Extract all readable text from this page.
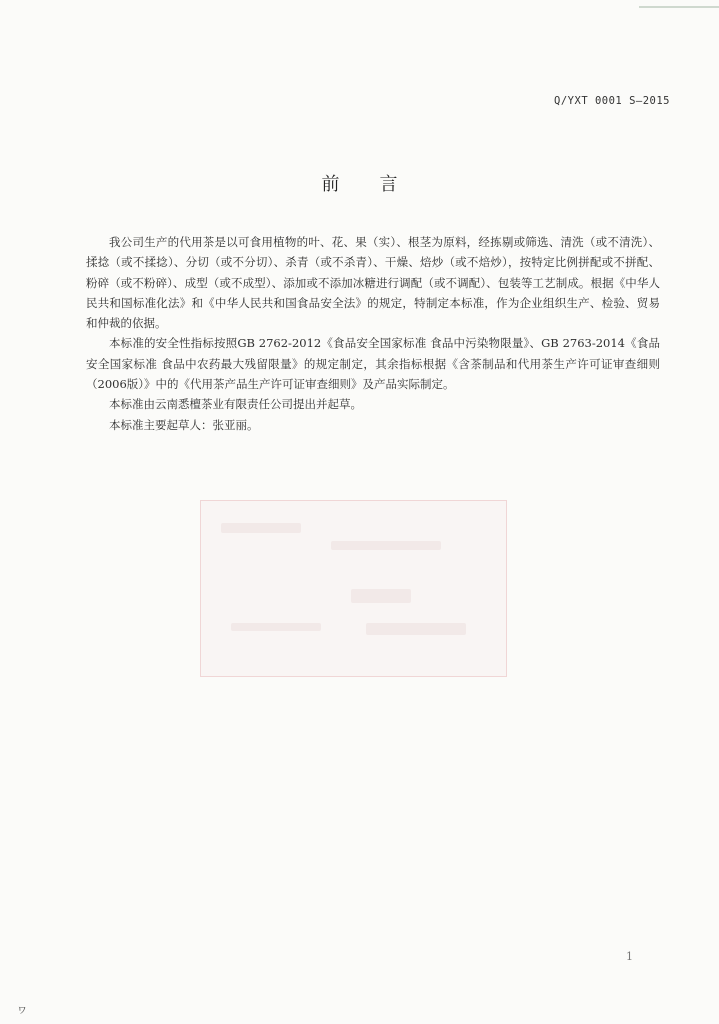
Q/YXT 0001 S—2015
前 言

我公司生产的代用茶是以可食用植物的叶、花、果（实）、根茎为原料，经拣剔或筛选、清洗（或不清洗）、揉捻（或不揉捻）、分切（或不分切）、杀青（或不杀青）、干燥、焙炒（或不焙炒），按特定比例拼配或不拼配、粉碎（或不粉碎）、成型（或不成型）、添加或不添加冰糖进行调配（或不调配）、包装等工艺制成。根据《中华人民共和国标准化法》和《中华人民共和国食品安全法》的规定，特制定本标准，作为企业组织生产、检验、贸易和仲裁的依据。

本标准的安全性指标按照GB 2762-2012《食品安全国家标准 食品中污染物限量》、GB 2763-2014《食品安全国家标准 食品中农药最大残留限量》的规定制定，其余指标根据《含茶制品和代用茶生产许可证审查细则（2006版）》中的《代用茶产品生产许可证审查细则》及产品实际制定。

本标准由云南悉檀茶业有限责任公司提出并起草。

本标准主要起草人：张亚丽。

1
ヮ
